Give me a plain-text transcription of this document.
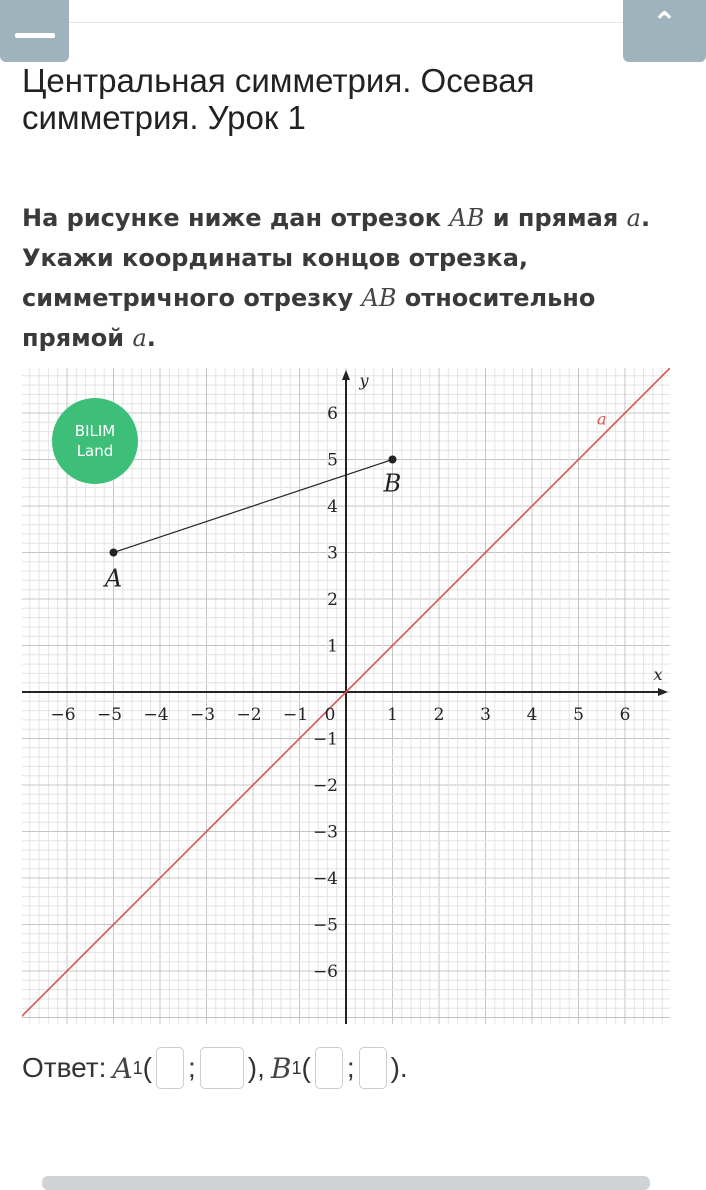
⌃
Центральная симметрия. Осевая симметрия. Урок 1
На рисунке ниже дан отрезок AB и прямая a. Укажи координаты концов отрезка, симметричного отрезку AB относительно прямой a.
a
A
B
−6 −5 −4 −3 −2 −1	1 2 3 4 5 6
−6
−5
−4
−3
−2
−1
1
2
3
4
5
6
0
x
y
BILIM
Land
Ответ: A 1 ( ; ), B 1 ( ; ).
